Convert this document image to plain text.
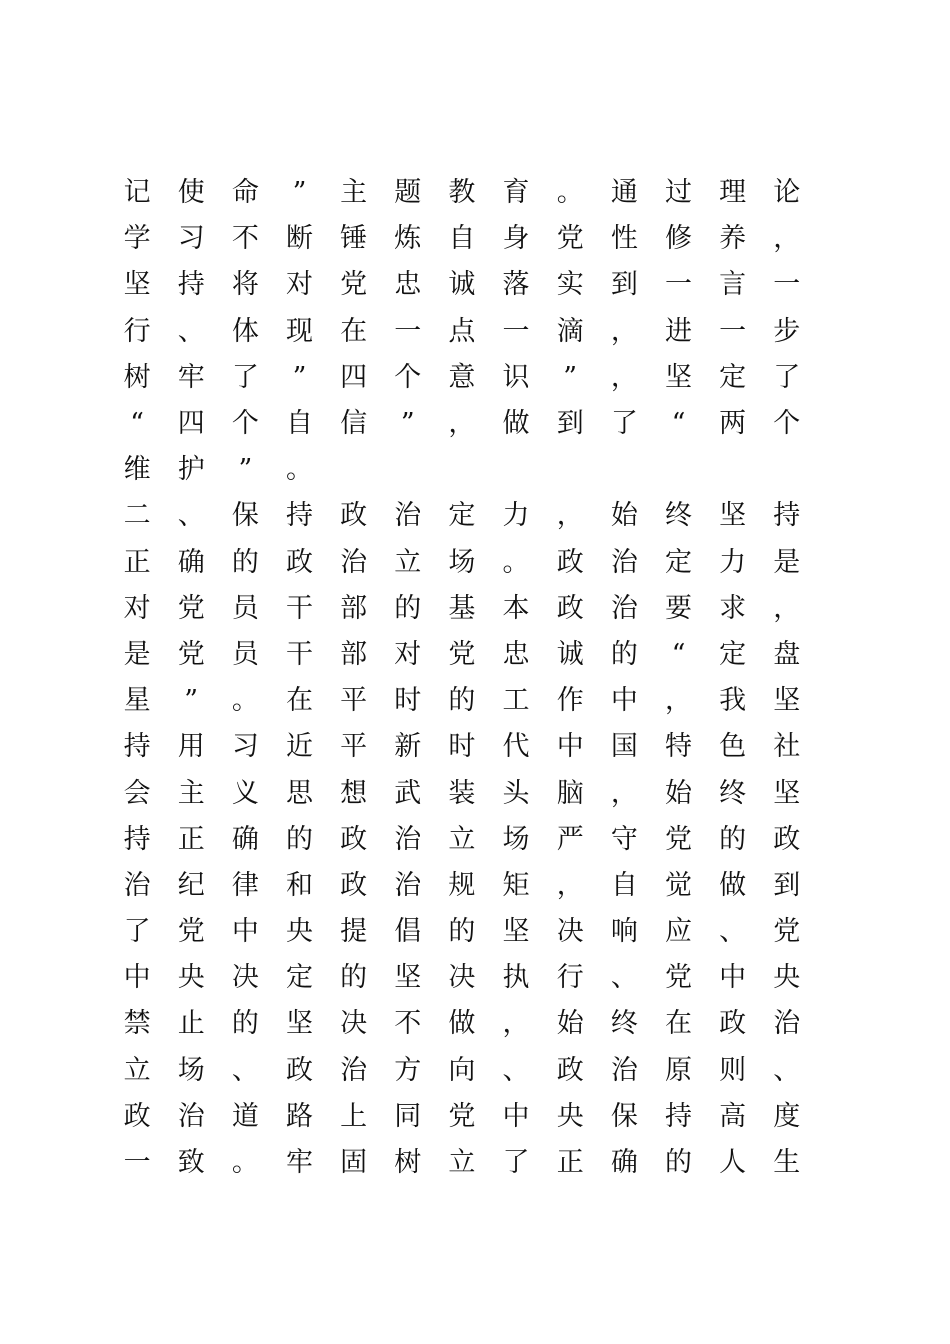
记	使	命	”	主	题	教	育	。	通	过	理	论
学	习	不	断	锤	炼	自	身	党	性	修	养	，
坚	持	将	对	党	忠	诚	落	实	到	一	言	一
行	、	体	现	在	一	点	一	滴	，	进	一	步
树	牢	了	”	四	个	意	识	”	，	坚	定	了
“	四	个	自	信	”	，	做	到	了	“	两	个
维	护	”	。
二	、	保	持	政	治	定	力	，	始	终	坚	持
正	确	的	政	治	立	场	。	政	治	定	力	是
对	党	员	干	部	的	基	本	政	治	要	求	，
是	党	员	干	部	对	党	忠	诚	的	“	定	盘
星	”	。	在	平	时	的	工	作	中	，	我	坚
持	用	习	近	平	新	时	代	中	国	特	色	社
会	主	义	思	想	武	装	头	脑	，	始	终	坚
持	正	确	的	政	治	立	场	严	守	党	的	政
治	纪	律	和	政	治	规	矩	，	自	觉	做	到
了	党	中	央	提	倡	的	坚	决	响	应	、	党
中	央	决	定	的	坚	决	执	行	、	党	中	央
禁	止	的	坚	决	不	做	，	始	终	在	政	治
立	场	、	政	治	方	向	、	政	治	原	则	、
政	治	道	路	上	同	党	中	央	保	持	高	度
一	致	。	牢	固	树	立	了	正	确	的	人	生
